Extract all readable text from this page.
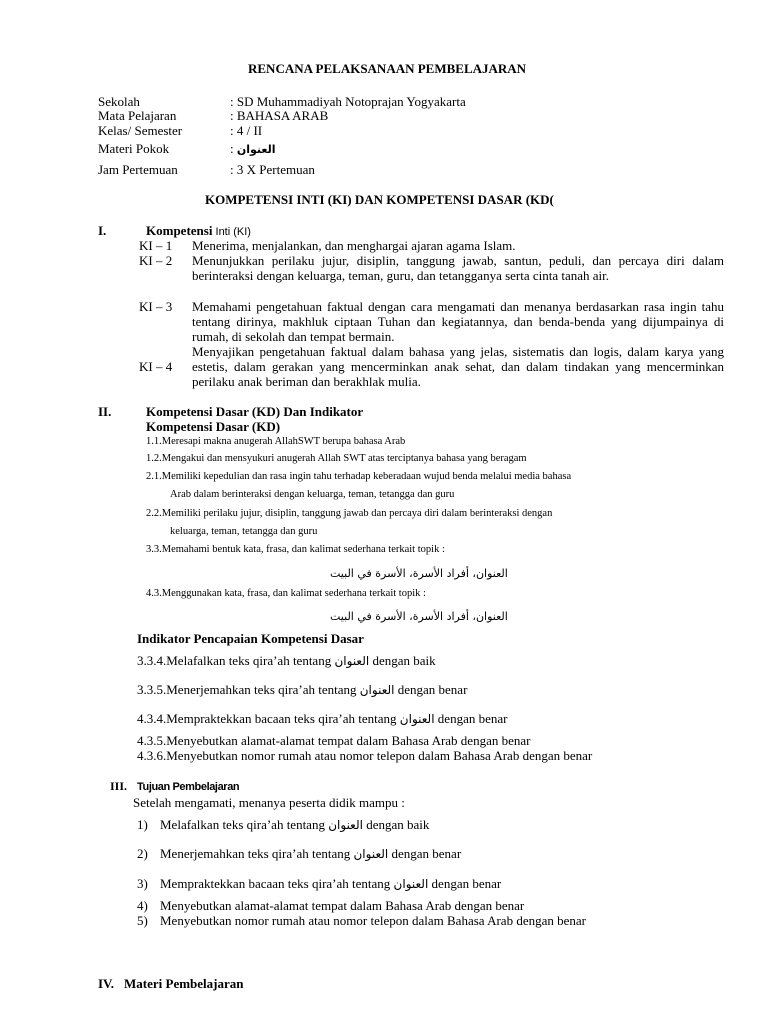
RENCANA PELAKSANAAN PEMBELAJARAN
Sekolah	: SD Muhammadiyah Notoprajan Yogyakarta
Mata Pelajaran	: BAHASA ARAB
Kelas/ Semester	: 4 / II
Materi Pokok	: العنوان
Jam Pertemuan	: 3 X Pertemuan
KOMPETENSI INTI (KI) DAN KOMPETENSI DASAR (KD(
I.	Kompetensi Inti (KI)
KI – 1 Menerima, menjalankan, dan menghargai ajaran agama Islam.
KI – 2 Menunjukkan perilaku jujur, disiplin, tanggung jawab, santun, peduli, dan percaya diri dalam berinteraksi dengan keluarga, teman, guru, dan tetangganya serta cinta tanah air.
KI – 3 Memahami pengetahuan faktual dengan cara mengamati dan menanya berdasarkan rasa ingin tahu tentang dirinya, makhluk ciptaan Tuhan dan kegiatannya, dan benda-benda yang dijumpainya di rumah, di sekolah dan tempat bermain.
KI – 4
Menyajikan pengetahuan faktual dalam bahasa yang jelas, sistematis dan logis, dalam karya yang estetis, dalam gerakan yang mencerminkan anak sehat, dan dalam tindakan yang mencerminkan perilaku anak beriman dan berakhlak mulia.
II.	Kompetensi Dasar (KD) Dan Indikator
Kompetensi Dasar (KD)
1.1.Meresapi makna anugerah AllahSWT berupa bahasa Arab
1.2.Mengakui dan mensyukuri anugerah Allah SWT atas terciptanya bahasa yang beragam
2.1.Memiliki kepedulian dan rasa ingin tahu terhadap keberadaan wujud benda melalui media bahasa
Arab dalam berinteraksi dengan keluarga, teman, tetangga dan guru
2.2.Memiliki perilaku jujur, disiplin, tanggung jawab dan percaya diri dalam berinteraksi dengan
keluarga, teman, tetangga dan guru
3.3.Memahami bentuk kata, frasa, dan kalimat sederhana terkait topik :
العنوان، أفراد الأسرة، الأسرة في البيت
4.3.Menggunakan kata, frasa, dan kalimat sederhana terkait topik :
العنوان، أفراد الأسرة، الأسرة في البيت
Indikator Pencapaian Kompetensi Dasar
3.3.4.Melafalkan teks qira’ah tentang العنوان dengan baik
3.3.5.Menerjemahkan teks qira’ah tentang العنوان dengan benar
4.3.4.Mempraktekkan bacaan teks qira’ah tentang العنوان dengan benar
4.3.5.Menyebutkan alamat-alamat tempat dalam Bahasa Arab dengan benar
4.3.6.Menyebutkan nomor rumah atau nomor telepon dalam Bahasa Arab dengan benar
III. Tujuan Pembelajaran
Setelah mengamati, menanya peserta didik mampu :
1) Melafalkan teks qira’ah tentang العنوان dengan baik
2) Menerjemahkan teks qira’ah tentang العنوان dengan benar
3) Mempraktekkan bacaan teks qira’ah tentang العنوان dengan benar
4) Menyebutkan alamat-alamat tempat dalam Bahasa Arab dengan benar
5) Menyebutkan nomor rumah atau nomor telepon dalam Bahasa Arab dengan benar
IV. Materi Pembelajaran
